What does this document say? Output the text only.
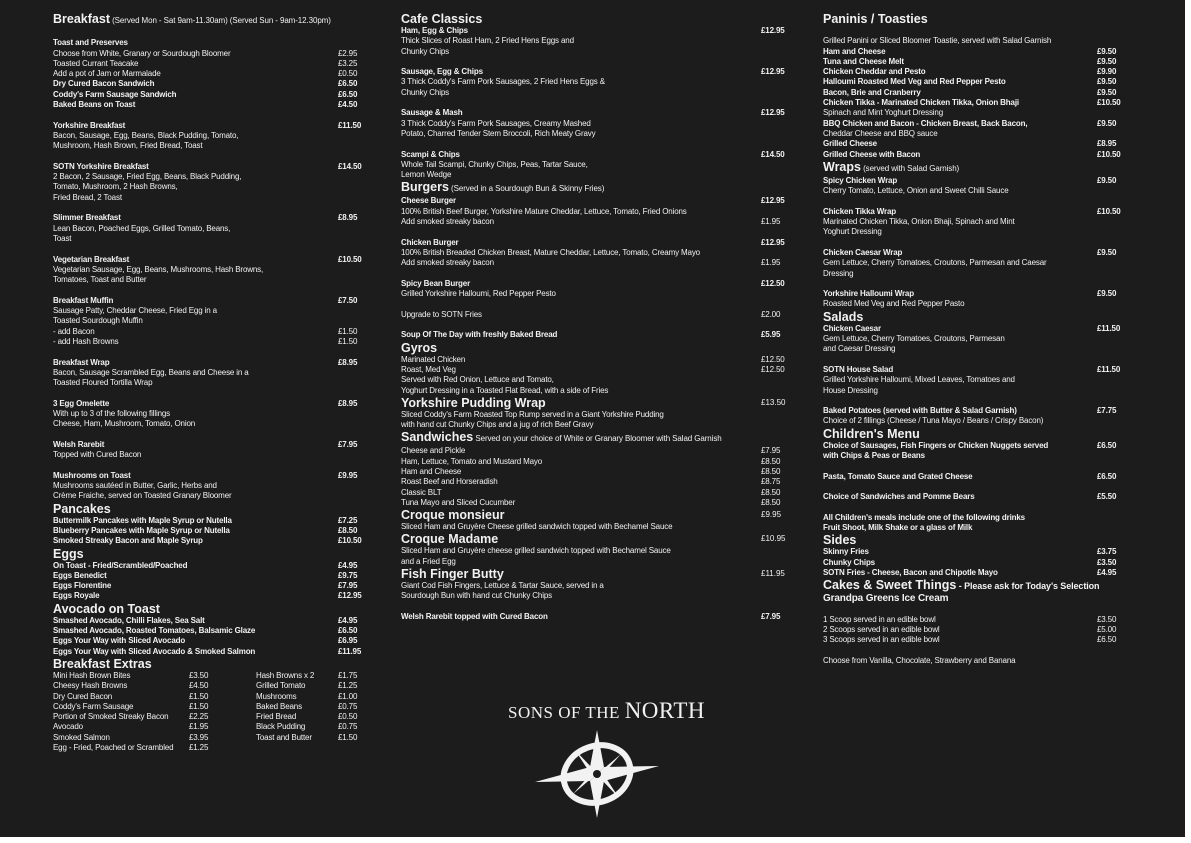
Breakfast (Served Mon - Sat 9am-11.30am) (Served Sun - 9am-12.30pm)
Toast and Preserves
Choose from White, Granary or Sourdough Bloomer	£2.95
Toasted Currant Teacake	£3.25
Add a pot of Jam or Marmalade	£0.50
Dry Cured Bacon Sandwich	£6.50
Coddy's Farm Sausage Sandwich	£6.50
Baked Beans on Toast	£4.50
Yorkshire Breakfast	£11.50
Bacon, Sausage, Egg, Beans, Black Pudding, Tomato,
Mushroom, Hash Brown, Fried Bread, Toast
SOTN Yorkshire Breakfast	£14.50
2 Bacon, 2 Sausage, Fried Egg, Beans, Black Pudding,
Tomato, Mushroom, 2 Hash Browns,
Fried Bread, 2 Toast
Slimmer Breakfast	£8.95
Lean Bacon, Poached Eggs, Grilled Tomato, Beans,
Toast
Vegetarian Breakfast	£10.50
Vegetarian Sausage, Egg, Beans, Mushrooms, Hash Browns,
Tomatoes, Toast and Butter
Breakfast Muffin	£7.50
Sausage Patty, Cheddar Cheese, Fried Egg in a
Toasted Sourdough Muffin
- add Bacon	£1.50
- add Hash Browns	£1.50
Breakfast Wrap	£8.95
Bacon, Sausage Scrambled Egg, Beans and Cheese in a
Toasted Floured Tortilla Wrap
3 Egg Omelette	£8.95
With up to 3 of the following fillings
Cheese, Ham, Mushroom, Tomato, Onion
Welsh Rarebit	£7.95
Topped with Cured Bacon
Mushrooms on Toast	£9.95
Mushrooms sautéed in Butter, Garlic, Herbs and
Crème Fraiche, served on Toasted Granary Bloomer
Pancakes
Buttermilk Pancakes with Maple Syrup or Nutella	£7.25
Blueberry Pancakes with Maple Syrup or Nutella	£8.50
Smoked Streaky Bacon and Maple Syrup	£10.50
Eggs
On Toast - Fried/Scrambled/Poached	£4.95
Eggs Benedict	£9.75
Eggs Florentine	£7.95
Eggs Royale	£12.95
Avocado on Toast
Smashed Avocado, Chilli Flakes, Sea Salt	£4.95
Smashed Avocado, Roasted Tomatoes, Balsamic Glaze	£6.50
Eggs Your Way with Sliced Avocado	£6.95
Eggs Your Way with Sliced Avocado & Smoked Salmon	£11.95
Breakfast Extras
Mini Hash Brown Bites	£3.50	Hash Browns x 2	£1.75
Cheesy Hash Browns	£4.50	Grilled Tomato	£1.25
Dry Cured Bacon	£1.50	Mushrooms	£1.00
Coddy's Farm Sausage	£1.50	Baked Beans	£0.75
Portion of Smoked Streaky Bacon	£2.25	Fried Bread	£0.50
Avocado	£1.95	Black Pudding	£0.75
Smoked Salmon	£3.95	Toast and Butter	£1.50
Egg - Fried, Poached or Scrambled	£1.25
Cafe Classics
Ham, Egg & Chips	£12.95
Thick Slices of Roast Ham, 2 Fried Hens Eggs and
Chunky Chips
Sausage, Egg & Chips	£12.95
3 Thick Coddy's Farm Pork Sausages, 2 Fried Hens Eggs &
Chunky Chips
Sausage & Mash	£12.95
3 Thick Coddy's Farm Pork Sausages, Creamy Mashed
Potato, Charred Tender Stem Broccoli, Rich Meaty Gravy
Scampi & Chips	£14.50
Whole Tail Scampi, Chunky Chips, Peas, Tartar Sauce,
Lemon Wedge
Burgers (Served in a Sourdough Bun & Skinny Fries)
Cheese Burger	£12.95
100% British Beef Burger, Yorkshire Mature Cheddar, Lettuce, Tomato, Fried Onions
Add smoked streaky bacon	£1.95
Chicken Burger	£12.95
100% British Breaded Chicken Breast, Mature Cheddar, Lettuce, Tomato, Creamy Mayo
Add smoked streaky bacon	£1.95
Spicy Bean Burger	£12.50
Grilled Yorkshire Halloumi, Red Pepper Pesto
Upgrade to SOTN Fries	£2.00
Soup Of The Day with freshly Baked Bread	£5.95
Gyros
Marinated Chicken	£12.50
Roast, Med Veg	£12.50
Served with Red Onion, Lettuce and Tomato,
Yoghurt Dressing in a Toasted Flat Bread, with a side of Fries
Yorkshire Pudding Wrap	£13.50
Sliced Coddy's Farm Roasted Top Rump served in a Giant Yorkshire Pudding
with hand cut Chunky Chips and a jug of rich Beef Gravy
Sandwiches Served on your choice of White or Granary Bloomer with Salad Garnish
Cheese and Pickle	£7.95
Ham, Lettuce, Tomato and Mustard Mayo	£8.50
Ham and Cheese	£8.50
Roast Beef and Horseradish	£8.75
Classic BLT	£8.50
Tuna Mayo and Sliced Cucumber	£8.50
Croque monsieur	£9.95
Sliced Ham and Gruyère Cheese grilled sandwich topped with Bechamel Sauce
Croque Madame	£10.95
Sliced Ham and Gruyère cheese grilled sandwich topped with Bechamel Sauce
and a Fried Egg
Fish Finger Butty	£11.95
Giant Cod Fish Fingers, Lettuce & Tartar Sauce, served in a
Sourdough Bun with hand cut Chunky Chips
Welsh Rarebit topped with Cured Bacon	£7.95
Paninis / Toasties
Grilled Panini or Sliced Bloomer Toastie, served with Salad Garnish
Ham and Cheese	£9.50
Tuna and Cheese Melt	£9.50
Chicken Cheddar and Pesto	£9.90
Halloumi Roasted Med Veg and Red Pepper Pesto	£9.50
Bacon, Brie and Cranberry	£9.50
Chicken Tikka - Marinated Chicken Tikka, Onion Bhaji	£10.50
Spinach and Mint Yoghurt Dressing
BBQ Chicken and Bacon - Chicken Breast, Back Bacon,	£9.50
Cheddar Cheese and BBQ sauce
Grilled Cheese	£8.95
Grilled Cheese with Bacon	£10.50
Wraps (served with Salad Garnish)
Spicy Chicken Wrap	£9.50
Cherry Tomato, Lettuce, Onion and Sweet Chilli Sauce
Chicken Tikka Wrap	£10.50
Marinated Chicken Tikka, Onion Bhaji, Spinach and Mint
Yoghurt Dressing
Chicken Caesar Wrap	£9.50
Gem Lettuce, Cherry Tomatoes, Croutons, Parmesan and Caesar
Dressing
Yorkshire Halloumi Wrap	£9.50
Roasted Med Veg and Red Pepper Pasto
Salads
Chicken Caesar	£11.50
Gem Lettuce, Cherry Tomatoes, Croutons, Parmesan
and Caesar Dressing
SOTN House Salad	£11.50
Grilled Yorkshire Halloumi, Mixed Leaves, Tomatoes and
House Dressing
Baked Potatoes (served with Butter & Salad Garnish)	£7.75
Choice of 2 fillings (Cheese / Tuna Mayo / Beans / Crispy Bacon)
Children's Menu
Choice of Sausages, Fish Fingers or Chicken Nuggets served	£6.50
with Chips & Peas or Beans
Pasta, Tomato Sauce and Grated Cheese	£6.50
Choice of Sandwiches and Pomme Bears	£5.50
All Children's meals include one of the following drinks
Fruit Shoot, Milk Shake or a glass of Milk
Sides
Skinny Fries	£3.75
Chunky Chips	£3.50
SOTN Fries - Cheese, Bacon and Chipotle Mayo	£4.95
Cakes & Sweet Things - Please ask for Today's Selection
Grandpa Greens Ice Cream
1 Scoop served in an edible bowl	£3.50
2 Scoops served in an edible bowl	£5.00
3 Scoops served in an edible bowl	£6.50
Choose from Vanilla, Chocolate, Strawberry and Banana
SONS OF THE NORTH
